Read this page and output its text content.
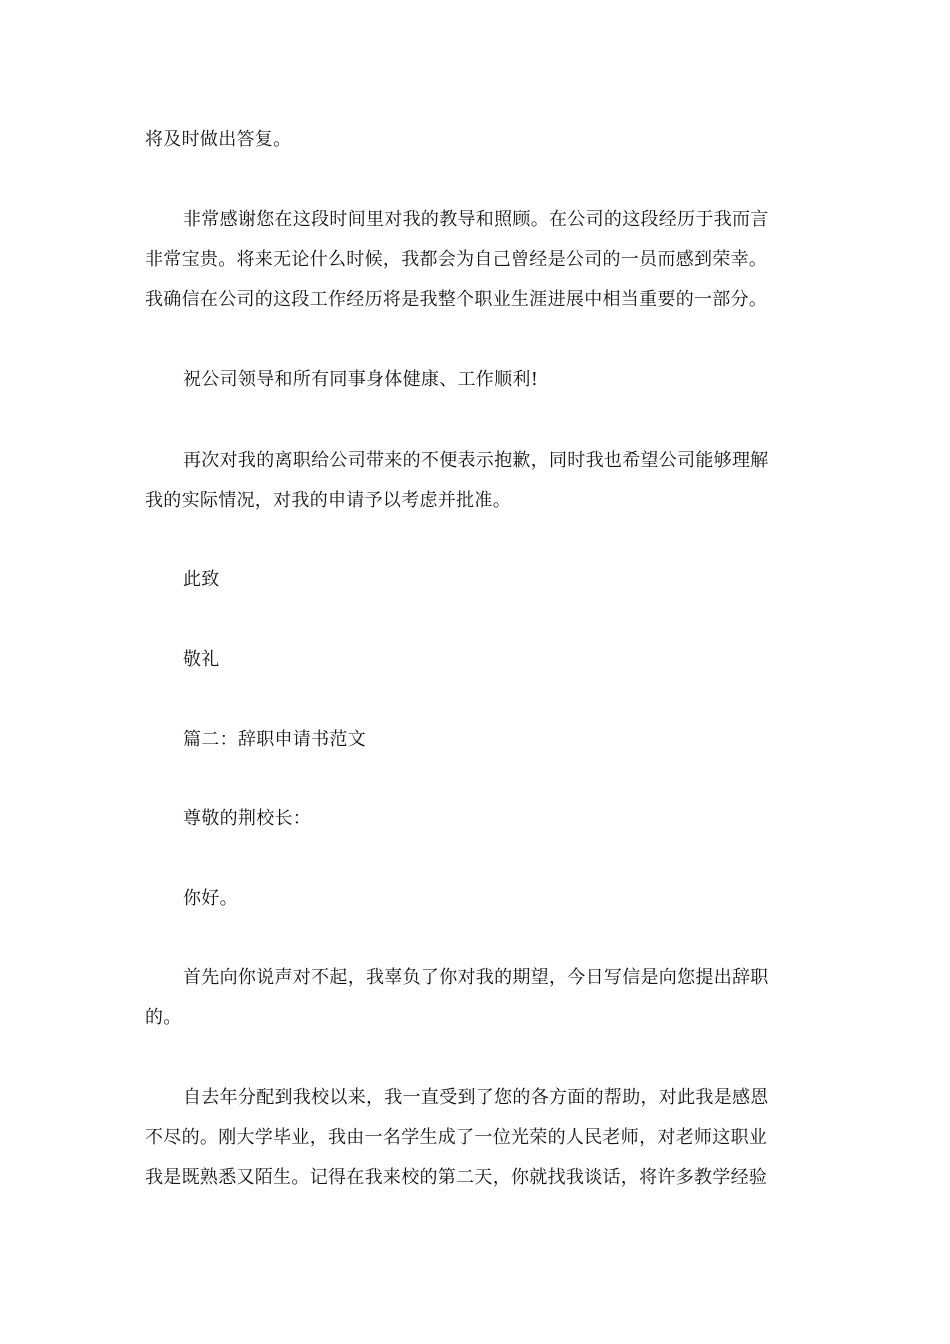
将及时做出答复。
非常感谢您在这段时间里对我的教导和照顾。在公司的这段经历于我而言
非常宝贵。将来无论什么时候，我都会为自己曾经是公司的一员而感到荣幸。
我确信在公司的这段工作经历将是我整个职业生涯进展中相当重要的一部分。
祝公司领导和所有同事身体健康、工作顺利!
再次对我的离职给公司带来的不便表示抱歉，同时我也希望公司能够理解
我的实际情况，对我的申请予以考虑并批准。
此致
敬礼
篇二：辞职申请书范文
尊敬的荆校长：
你好。
首先向你说声对不起，我辜负了你对我的期望，今日写信是向您提出辞职
的。
自去年分配到我校以来，我一直受到了您的各方面的帮助，对此我是感恩
不尽的。刚大学毕业，我由一名学生成了一位光荣的人民老师，对老师这职业
我是既熟悉又陌生。记得在我来校的第二天，你就找我谈话，将许多教学经验
